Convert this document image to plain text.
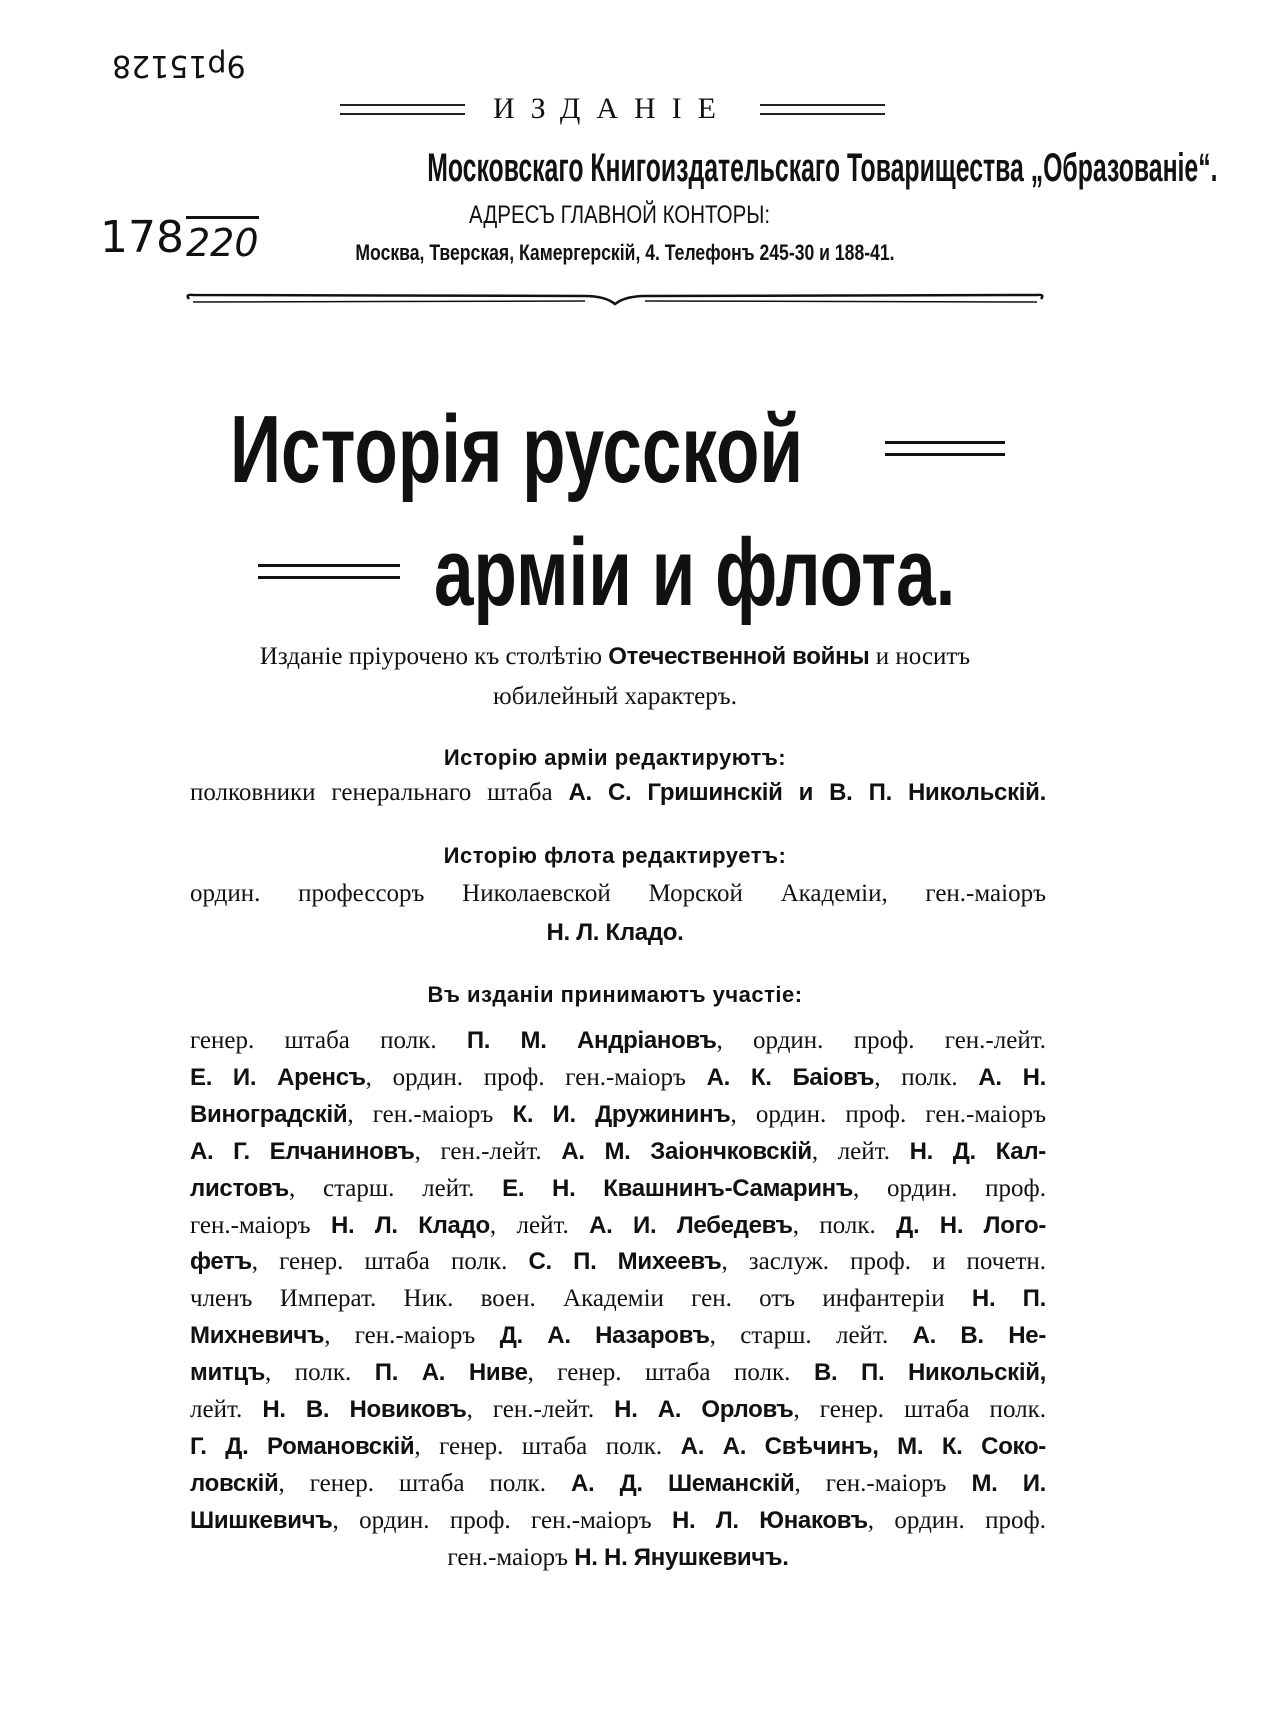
9р15128
178 220
ИЗДАНІЕ
Московскаго Книгоиздательскаго Товарищества „Образованіе“.
АДРЕСЪ ГЛАВНОЙ КОНТОРЫ:
Москва, Тверская, Камергерскій, 4. Телефонъ 245-30 и 188-41.
Исторія русской
арміи и флота.
Изданіе пріурочено къ столѣтію Отечественной войны и носитъ
юбилейный характеръ.
Исторію арміи редактируютъ:
полковники генеральнаго штаба А. С. Гришинскій и В. П. Никольскій.
Исторію флота редактируетъ:
ордин. профессоръ Николаевской Морской Академіи, ген.-маіоръ
Н. Л. Кладо.
Въ изданіи принимаютъ участіе:
генер. штаба полк. П. М. Андріановъ, ордин. проф. ген.-лейт.
Е. И. Аренсъ, ордин. проф. ген.-маіоръ А. К. Баіовъ, полк. А. Н.
Виноградскій, ген.-маіоръ К. И. Дружининъ, ордин. проф. ген.-маіоръ
А. Г. Елчаниновъ, ген.-лейт. А. М. Заіончковскій, лейт. Н. Д. Кал-
листовъ, старш. лейт. Е. Н. Квашнинъ-Самаринъ, ордин. проф.
ген.-маіоръ Н. Л. Кладо, лейт. А. И. Лебедевъ, полк. Д. Н. Лого-
фетъ, генер. штаба полк. С. П. Михеевъ, заслуж. проф. и почетн.
членъ Императ. Ник. воен. Академіи ген. отъ инфантеріи Н. П.
Михневичъ, ген.-маіоръ Д. А. Назаровъ, старш. лейт. А. В. Не-
митцъ, полк. П. А. Ниве, генер. штаба полк. В. П. Никольскій,
лейт. Н. В. Новиковъ, ген.-лейт. Н. А. Орловъ, генер. штаба полк.
Г. Д. Романовскій, генер. штаба полк. А. А. Свѣчинъ, М. К. Соко-
ловскій, генер. штаба полк. А. Д. Шеманскій, ген.-маіоръ М. И.
Шишкевичъ, ордин. проф. ген.-маіоръ Н. Л. Юнаковъ, ордин. проф.
ген.-маіоръ Н. Н. Янушкевичъ.
